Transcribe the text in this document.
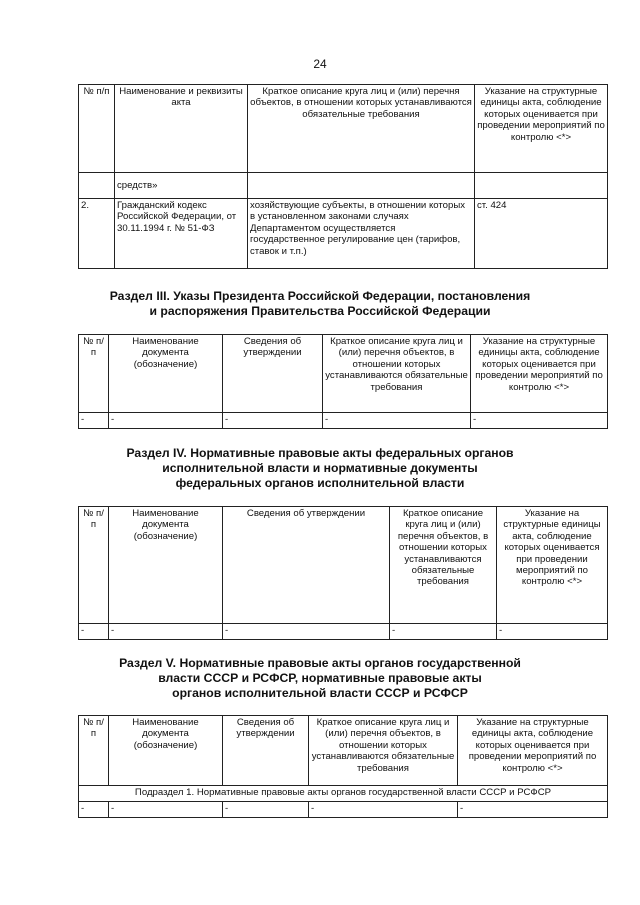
24
№ п/п	Наименование и реквизиты акта	Краткое описание круга лиц и (или) перечня объектов, в отношении которых устанавливаются обязательные требования	Указание на структурные единицы акта, соблюдение которых оценивается при проведении мероприятий по контролю <*>
	средств»		
2.	Гражданский кодекс Российской Федерации, от 30.11.1994 г. № 51-ФЗ	хозяйствующие субъекты, в отношении которых в установленном законами случаях Департаментом осуществляется государственное регулирование цен (тарифов, ставок и т.п.)	ст. 424
Раздел III. Указы Президента Российской Федерации, постановления
и распоряжения Правительства Российской Федерации
№ п/п	Наименование документа (обозначение)	Сведения об утверждении	Краткое описание круга лиц и (или) перечня объектов, в отношении которых устанавливаются обязательные требования	Указание на структурные единицы акта, соблюдение которых оценивается при проведении мероприятий по контролю <*>
-	-	-	-	-
Раздел IV. Нормативные правовые акты федеральных органов
исполнительной власти и нормативные документы
федеральных органов исполнительной власти
№ п/п	Наименование документа (обозначение)	Сведения об утверждении	Краткое описание круга лиц и (или) перечня объектов, в отношении которых устанавливаются обязательные требования	Указание на структурные единицы акта, соблюдение которых оценивается при проведении мероприятий по контролю <*>
-	-	-	-	-
Раздел V. Нормативные правовые акты органов государственной
власти СССР и РСФСР, нормативные правовые акты
органов исполнительной власти СССР и РСФСР
№ п/п	Наименование документа (обозначение)	Сведения об утверждении	Краткое описание круга лиц и (или) перечня объектов, в отношении которых устанавливаются обязательные требования	Указание на структурные единицы акта, соблюдение которых оценивается при проведении мероприятий по контролю <*>
Подраздел 1. Нормативные правовые акты органов государственной власти СССР и РСФСР				
-	-	-	-	-
